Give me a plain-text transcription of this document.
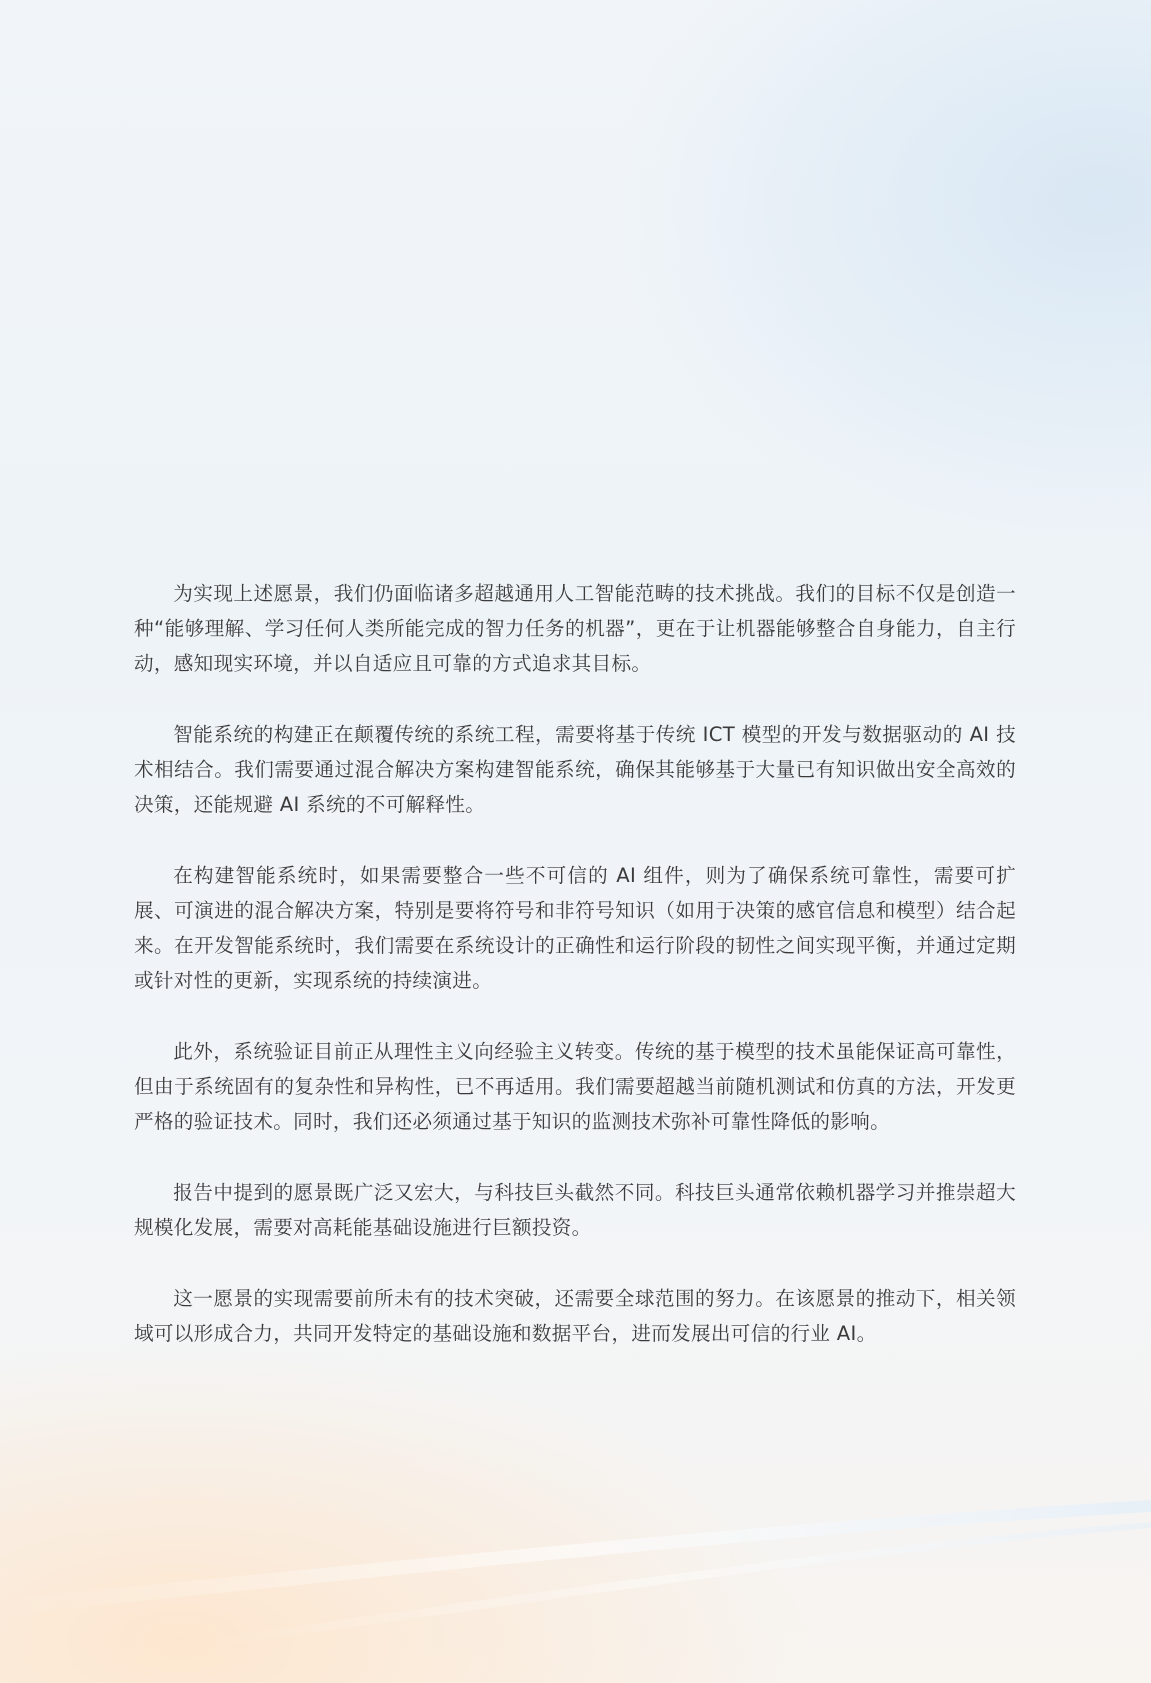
为实现上述愿景，我们仍面临诸多超越通用人工智能范畴的技术挑战。我们的目标不仅是创造一种“能够理解、学习任何人类所能完成的智力任务的机器”，更在于让机器能够整合自身能力，自主行动，感知现实环境，并以自适应且可靠的方式追求其目标。

智能系统的构建正在颠覆传统的系统工程，需要将基于传统 ICT 模型的开发与数据驱动的 AI 技术相结合。我们需要通过混合解决方案构建智能系统，确保其能够基于大量已有知识做出安全高效的决策，还能规避 AI 系统的不可解释性。

在构建智能系统时，如果需要整合一些不可信的 AI 组件，则为了确保系统可靠性，需要可扩展、可演进的混合解决方案，特别是要将符号和非符号知识（如用于决策的感官信息和模型）结合起来。在开发智能系统时，我们需要在系统设计的正确性和运行阶段的韧性之间实现平衡，并通过定期或针对性的更新，实现系统的持续演进。

此外，系统验证目前正从理性主义向经验主义转变。传统的基于模型的技术虽能保证高可靠性，但由于系统固有的复杂性和异构性，已不再适用。我们需要超越当前随机测试和仿真的方法，开发更严格的验证技术。同时，我们还必须通过基于知识的监测技术弥补可靠性降低的影响。

报告中提到的愿景既广泛又宏大，与科技巨头截然不同。科技巨头通常依赖机器学习并推崇超大规模化发展，需要对高耗能基础设施进行巨额投资。

这一愿景的实现需要前所未有的技术突破，还需要全球范围的努力。在该愿景的推动下，相关领域可以形成合力，共同开发特定的基础设施和数据平台，进而发展出可信的行业 AI。
